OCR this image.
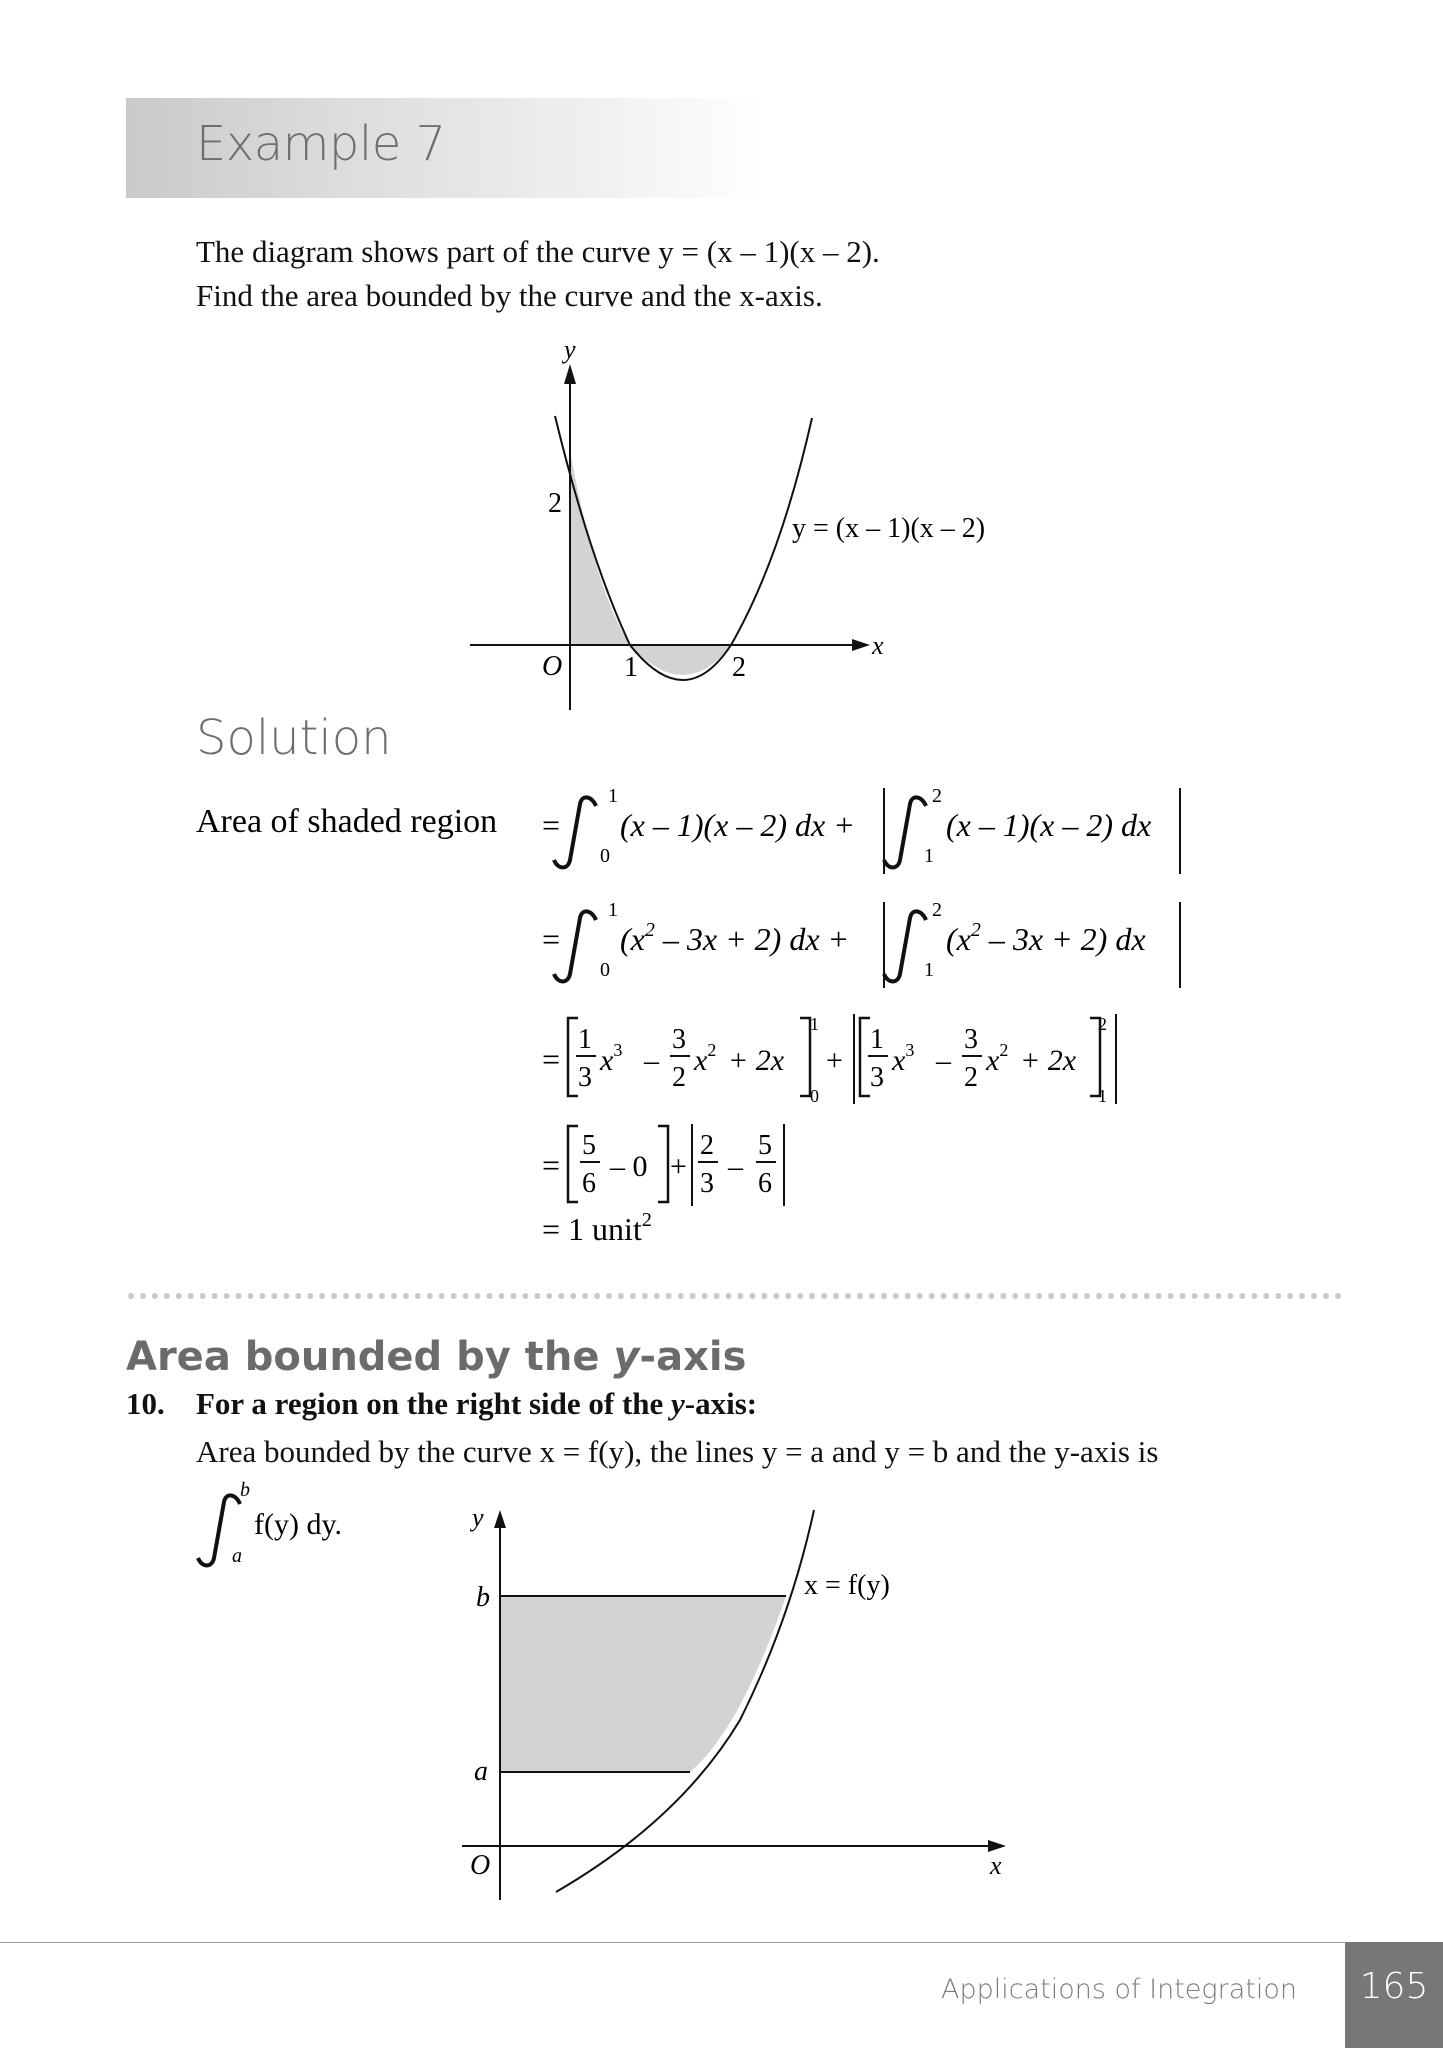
Example 7
The diagram shows part of the curve y = (x – 1)(x – 2).
Find the area bounded by the curve and the x-axis.
y
x
O 1	2
2
y = (x – 1)(x – 2)
Solution
Area of shaded region =
1
0
(x – 1)(x – 2) dx +
2
1
(x – 1)(x – 2) dx
=
1
0
$(x^2 - 3x + 2)$ dx +
2
1
$(x^2 - 3x + 2)$ dx
=
1
3
$x^3$ –
3
2
$x^2 + 2x$
1
0
+
1
3
$x^3$ –
3
2
$x^2 + 2x$
2
1
=
5
6
– 0 +
2
3
–
5
6
= 1 unit$^2$
Area bounded by the y-axis
10. For a region on the right side of the y-axis:
Area bounded by the curve x = f(y), the lines y = a and y = b and the y-axis is
b
a
f(y) dy.	y
x
O
b
a
x = f(y)
Applications of Integration	165
